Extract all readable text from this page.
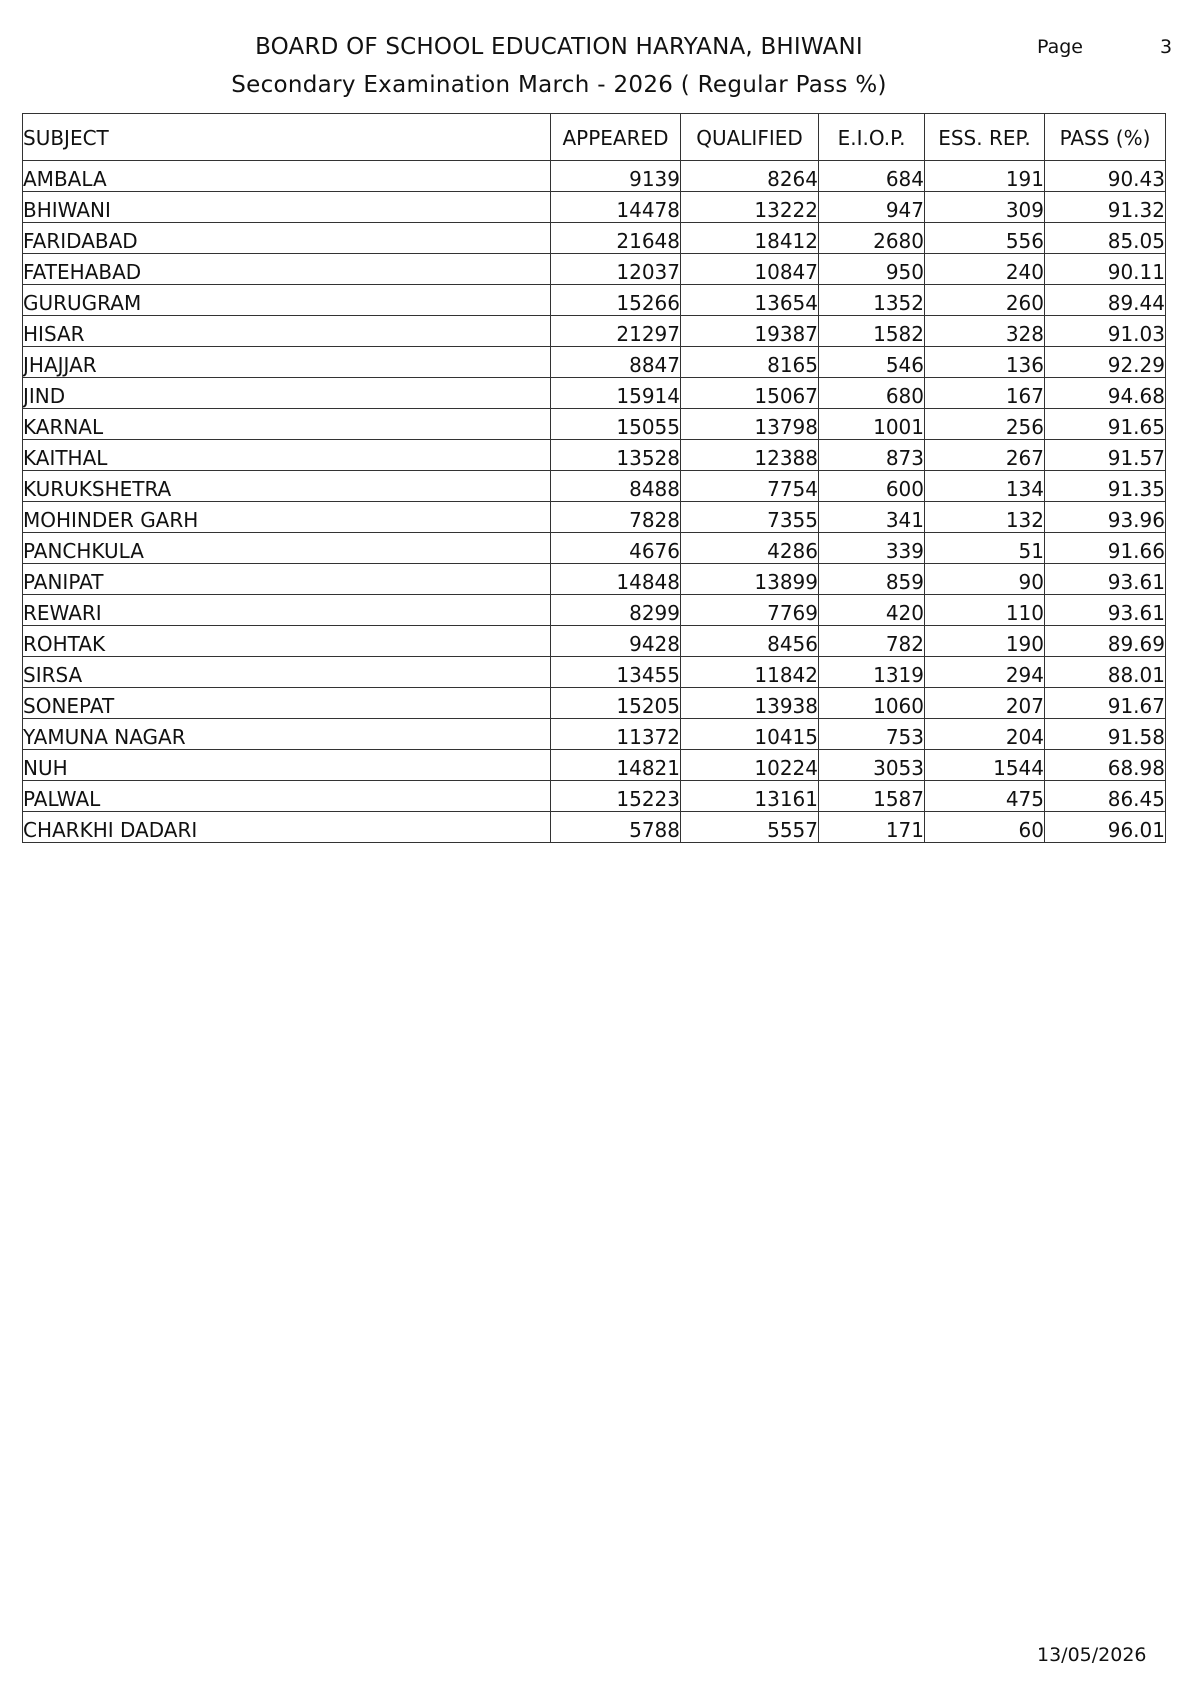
BOARD OF SCHOOL EDUCATION HARYANA, BHIWANI
Secondary Examination March - 2026 ( Regular Pass %)
Page	3
SUBJECT	APPEARED	QUALIFIED	E.I.O.P.	ESS. REP.	PASS (%)
AMBALA	9139	8264	684	191	90.43
BHIWANI	14478	13222	947	309	91.32
FARIDABAD	21648	18412	2680	556	85.05
FATEHABAD	12037	10847	950	240	90.11
GURUGRAM	15266	13654	1352	260	89.44
HISAR	21297	19387	1582	328	91.03
JHAJJAR	8847	8165	546	136	92.29
JIND	15914	15067	680	167	94.68
KARNAL	15055	13798	1001	256	91.65
KAITHAL	13528	12388	873	267	91.57
KURUKSHETRA	8488	7754	600	134	91.35
MOHINDER GARH	7828	7355	341	132	93.96
PANCHKULA	4676	4286	339	51	91.66
PANIPAT	14848	13899	859	90	93.61
REWARI	8299	7769	420	110	93.61
ROHTAK	9428	8456	782	190	89.69
SIRSA	13455	11842	1319	294	88.01
SONEPAT	15205	13938	1060	207	91.67
YAMUNA NAGAR	11372	10415	753	204	91.58
NUH	14821	10224	3053	1544	68.98
PALWAL	15223	13161	1587	475	86.45
CHARKHI DADARI	5788	5557	171	60	96.01
13/05/2026
